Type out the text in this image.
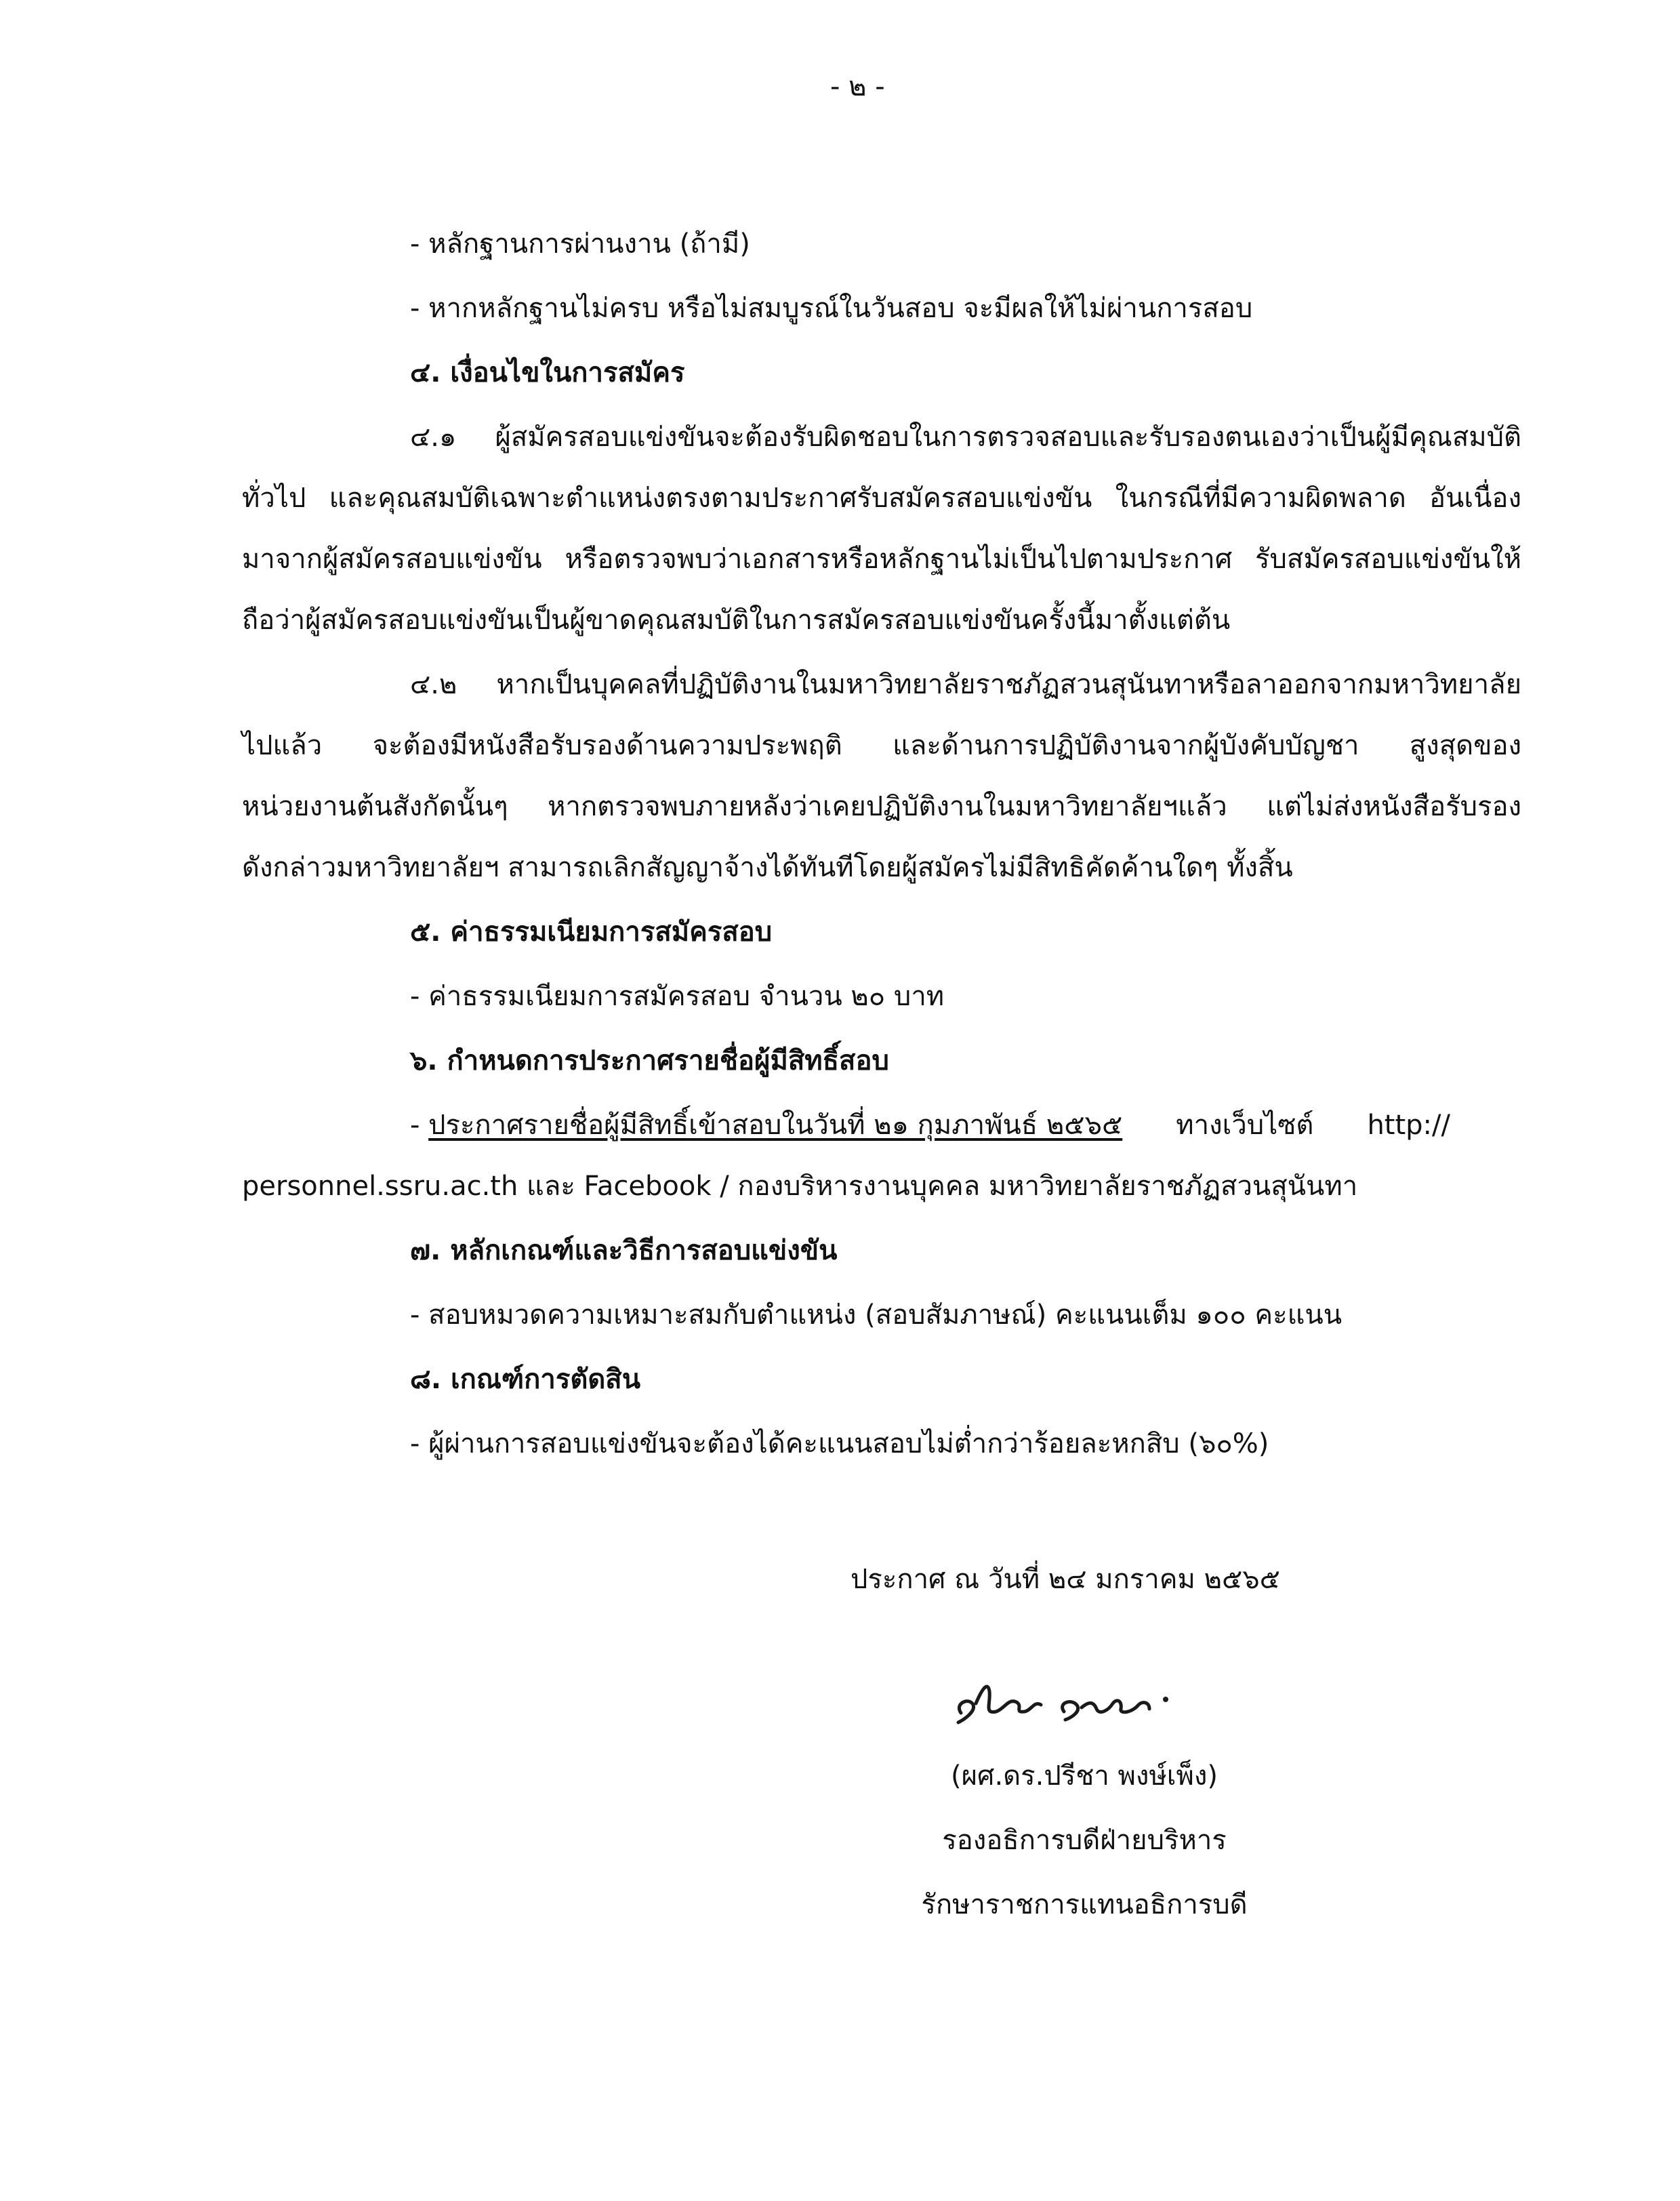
- ๒ -
- หลักฐานการผ่านงาน (ถ้ามี)
- หากหลักฐานไม่ครบ หรือไม่สมบูรณ์ในวันสอบ จะมีผลให้ไม่ผ่านการสอบ
๔. เงื่อนไขในการสมัคร
๔.๑ ผู้สมัครสอบแข่งขันจะต้องรับผิดชอบในการตรวจสอบและรับรองตนเองว่าเป็นผู้มีคุณสมบัติ
ทั่วไป และคุณสมบัติเฉพาะตำแหน่งตรงตามประกาศรับสมัครสอบแข่งขัน ในกรณีที่มีความผิดพลาด อันเนื่อง
มาจากผู้สมัครสอบแข่งขัน หรือตรวจพบว่าเอกสารหรือหลักฐานไม่เป็นไปตามประกาศ รับสมัครสอบแข่งขันให้
ถือว่าผู้สมัครสอบแข่งขันเป็นผู้ขาดคุณสมบัติในการสมัครสอบแข่งขันครั้งนี้มาตั้งแต่ต้น
๔.๒ หากเป็นบุคคลที่ปฏิบัติงานในมหาวิทยาลัยราชภัฏสวนสุนันทาหรือลาออกจากมหาวิทยาลัย
ไปแล้ว จะต้องมีหนังสือรับรองด้านความประพฤติ และด้านการปฏิบัติงานจากผู้บังคับบัญชา สูงสุดของ
หน่วยงานต้นสังกัดนั้นๆ หากตรวจพบภายหลังว่าเคยปฏิบัติงานในมหาวิทยาลัยฯแล้ว แต่ไม่ส่งหนังสือรับรอง
ดังกล่าวมหาวิทยาลัยฯ สามารถเลิกสัญญาจ้างได้ทันทีโดยผู้สมัครไม่มีสิทธิคัดค้านใดๆ ทั้งสิ้น
๕. ค่าธรรมเนียมการสมัครสอบ
- ค่าธรรมเนียมการสมัครสอบ จำนวน ๒๐ บาท
๖. กำหนดการประกาศรายชื่อผู้มีสิทธิ์สอบ
- ประกาศรายชื่อผู้มีสิทธิ์เข้าสอบในวันที่ ๒๑ กุมภาพันธ์ ๒๕๖๕ ทางเว็บไซต์ http://
personnel.ssru.ac.th และ Facebook / กองบริหารงานบุคคล มหาวิทยาลัยราชภัฏสวนสุนันทา
๗. หลักเกณฑ์และวิธีการสอบแข่งขัน
- สอบหมวดความเหมาะสมกับตำแหน่ง (สอบสัมภาษณ์) คะแนนเต็ม ๑๐๐ คะแนน
๘. เกณฑ์การตัดสิน
- ผู้ผ่านการสอบแข่งขันจะต้องได้คะแนนสอบไม่ต่ำกว่าร้อยละหกสิบ (๖๐%)
ประกาศ ณ วันที่ ๒๔ มกราคม ๒๕๖๕
(ผศ.ดร.ปรีชา พงษ์เพ็ง)
รองอธิการบดีฝ่ายบริหาร
รักษาราชการแทนอธิการบดี
